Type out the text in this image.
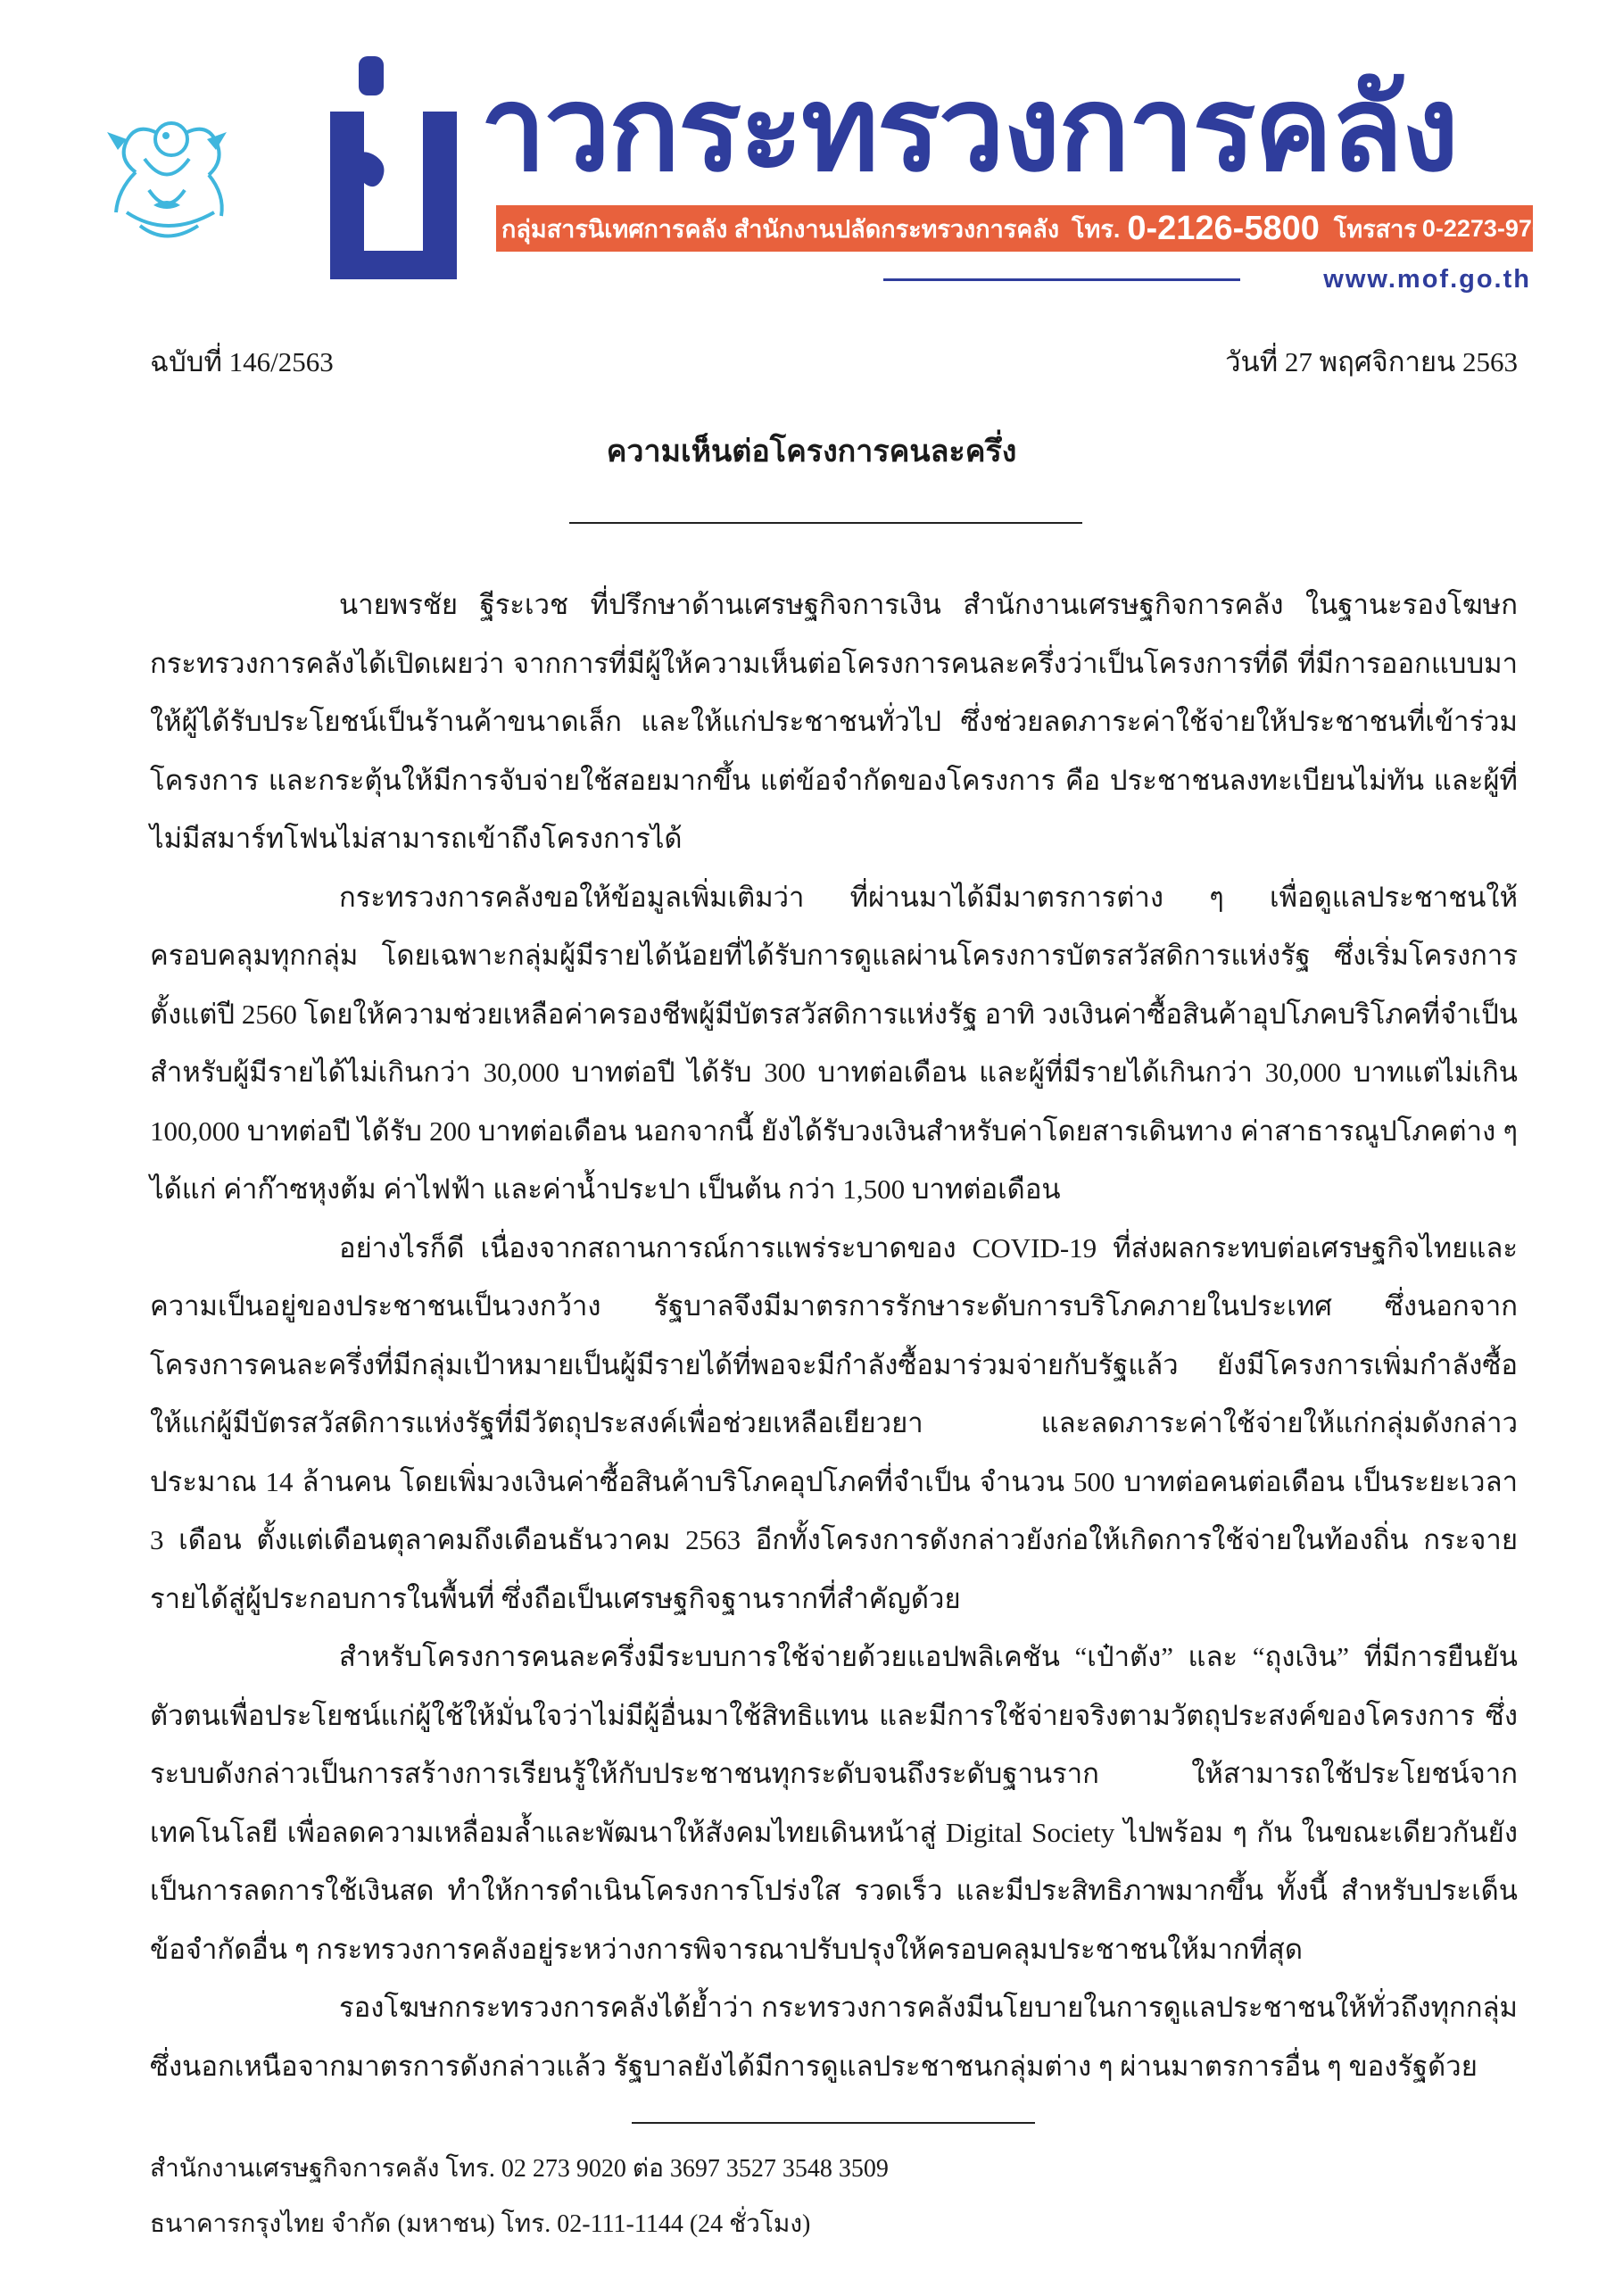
าวกระทรวงการคลัง
กลุ่มสารนิเทศการคลัง สำนักงานปลัดกระทรวงการคลัง โทร. 0-2126-5800 โทรสาร 0-2273-9763
www.mof.go.th
ฉบับที่ 146/2563	วันที่ 27 พฤศจิกายน 2563
ความเห็นต่อโครงการคนละครึ่ง

นายพรชัย ฐีระเวช ที่ปรึกษาด้านเศรษฐกิจการเงิน สำนักงานเศรษฐกิจการคลัง ในฐานะรองโฆษกกระทรวงการคลังได้เปิดเผยว่า จากการที่มีผู้ให้ความเห็นต่อโครงการคนละครึ่งว่าเป็นโครงการที่ดี ที่มีการออกแบบมาให้ผู้ได้รับประโยชน์เป็นร้านค้าขนาดเล็ก และให้แก่ประชาชนทั่วไป ซึ่งช่วยลดภาระค่าใช้จ่ายให้ประชาชนที่เข้าร่วมโครงการ และกระตุ้นให้มีการจับจ่ายใช้สอยมากขึ้น แต่ข้อจำกัดของโครงการ คือ ประชาชนลงทะเบียนไม่ทัน และผู้ที่ไม่มีสมาร์ทโฟนไม่สามารถเข้าถึงโครงการได้

กระทรวงการคลังขอให้ข้อมูลเพิ่มเติมว่า ที่ผ่านมาได้มีมาตรการต่าง ๆ เพื่อดูแลประชาชนให้ครอบคลุมทุกกลุ่ม โดยเฉพาะกลุ่มผู้มีรายได้น้อยที่ได้รับการดูแลผ่านโครงการบัตรสวัสดิการแห่งรัฐ ซึ่งเริ่มโครงการตั้งแต่ปี 2560 โดยให้ความช่วยเหลือค่าครองชีพผู้มีบัตรสวัสดิการแห่งรัฐ อาทิ วงเงินค่าซื้อสินค้าอุปโภคบริโภคที่จำเป็น สำหรับผู้มีรายได้ไม่เกินกว่า 30,000 บาทต่อปี ได้รับ 300 บาทต่อเดือน และผู้ที่มีรายได้เกินกว่า 30,000 บาทแต่ไม่เกิน 100,000 บาทต่อปี ได้รับ 200 บาทต่อเดือน นอกจากนี้ ยังได้รับวงเงินสำหรับค่าโดยสารเดินทาง ค่าสาธารณูปโภคต่าง ๆ ได้แก่ ค่าก๊าซหุงต้ม ค่าไฟฟ้า และค่าน้ำประปา เป็นต้น กว่า 1,500 บาทต่อเดือน

อย่างไรก็ดี เนื่องจากสถานการณ์การแพร่ระบาดของ COVID-19 ที่ส่งผลกระทบต่อเศรษฐกิจไทยและความเป็นอยู่ของประชาชนเป็นวงกว้าง รัฐบาลจึงมีมาตรการรักษาระดับการบริโภคภายในประเทศ ซึ่งนอกจากโครงการคนละครึ่งที่มีกลุ่มเป้าหมายเป็นผู้มีรายได้ที่พอจะมีกำลังซื้อมาร่วมจ่ายกับรัฐแล้ว ยังมีโครงการเพิ่มกำลังซื้อให้แก่ผู้มีบัตรสวัสดิการแห่งรัฐที่มีวัตถุประสงค์เพื่อช่วยเหลือเยียวยา และลดภาระค่าใช้จ่ายให้แก่กลุ่มดังกล่าว ประมาณ 14 ล้านคน โดยเพิ่มวงเงินค่าซื้อสินค้าบริโภคอุปโภคที่จำเป็น จำนวน 500 บาทต่อคนต่อเดือน เป็นระยะเวลา 3 เดือน ตั้งแต่เดือนตุลาคมถึงเดือนธันวาคม 2563 อีกทั้งโครงการดังกล่าวยังก่อให้เกิดการใช้จ่ายในท้องถิ่น กระจายรายได้สู่ผู้ประกอบการในพื้นที่ ซึ่งถือเป็นเศรษฐกิจฐานรากที่สำคัญด้วย

สำหรับโครงการคนละครึ่งมีระบบการใช้จ่ายด้วยแอปพลิเคชัน “เป๋าตัง” และ “ถุงเงิน” ที่มีการยืนยันตัวตนเพื่อประโยชน์แก่ผู้ใช้ให้มั่นใจว่าไม่มีผู้อื่นมาใช้สิทธิแทน และมีการใช้จ่ายจริงตามวัตถุประสงค์ของโครงการ ซึ่งระบบดังกล่าวเป็นการสร้างการเรียนรู้ให้กับประชาชนทุกระดับจนถึงระดับฐานราก ให้สามารถใช้ประโยชน์จากเทคโนโลยี เพื่อลดความเหลื่อมล้ำและพัฒนาให้สังคมไทยเดินหน้าสู่ Digital Society ไปพร้อม ๆ กัน ในขณะเดียวกันยังเป็นการลดการใช้เงินสด ทำให้การดำเนินโครงการโปร่งใส รวดเร็ว และมีประสิทธิภาพมากขึ้น ทั้งนี้ สำหรับประเด็นข้อจำกัดอื่น ๆ กระทรวงการคลังอยู่ระหว่างการพิจารณาปรับปรุงให้ครอบคลุมประชาชนให้มากที่สุด

รองโฆษกกระทรวงการคลังได้ย้ำว่า กระทรวงการคลังมีนโยบายในการดูแลประชาชนให้ทั่วถึงทุกกลุ่ม ซึ่งนอกเหนือจากมาตรการดังกล่าวแล้ว รัฐบาลยังได้มีการดูแลประชาชนกลุ่มต่าง ๆ ผ่านมาตรการอื่น ๆ ของรัฐด้วย

สำนักงานเศรษฐกิจการคลัง โทร. 02 273 9020 ต่อ 3697 3527 3548 3509
ธนาคารกรุงไทย จำกัด (มหาชน) โทร. 02-111-1144 (24 ชั่วโมง)
